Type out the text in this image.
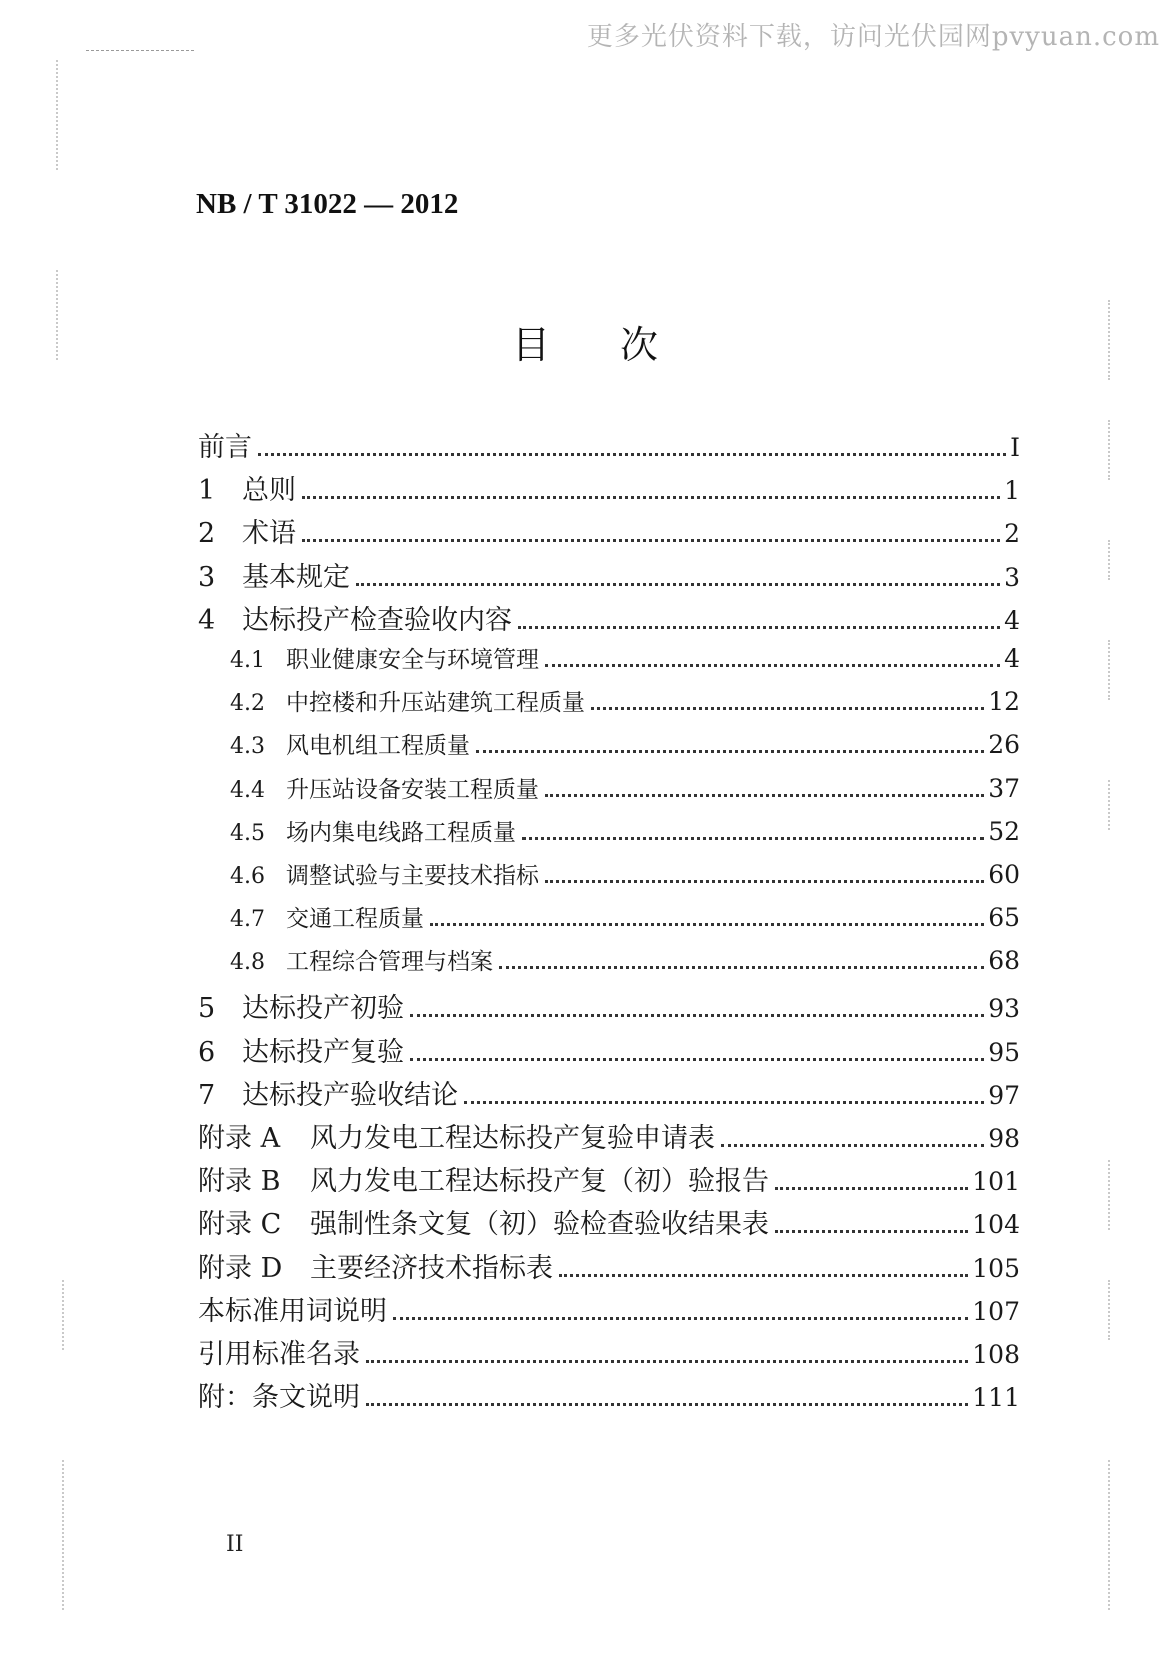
更多光伏资料下载，访问光伏园网pvyuan.com
NB / T 31022 — 2012
目次
前言	I
1 总则	1
2 术语	2
3 基本规定	3
4 达标投产检查验收内容	4
4.1 职业健康安全与环境管理	4
4.2 中控楼和升压站建筑工程质量	12
4.3 风电机组工程质量	26
4.4 升压站设备安装工程质量	37
4.5 场内集电线路工程质量	52
4.6 调整试验与主要技术指标	60
4.7 交通工程质量	65
4.8 工程综合管理与档案	68
5 达标投产初验	93
6 达标投产复验	95
7 达标投产验收结论	97
附录 A	风力发电工程达标投产复验申请表	98
附录 B	风力发电工程达标投产复（初）验报告	101
附录 C	强制性条文复（初）验检查验收结果表	104
附录 D	主要经济技术指标表	105
本标准用词说明	107
引用标准名录	108
附：条文说明	111
II
